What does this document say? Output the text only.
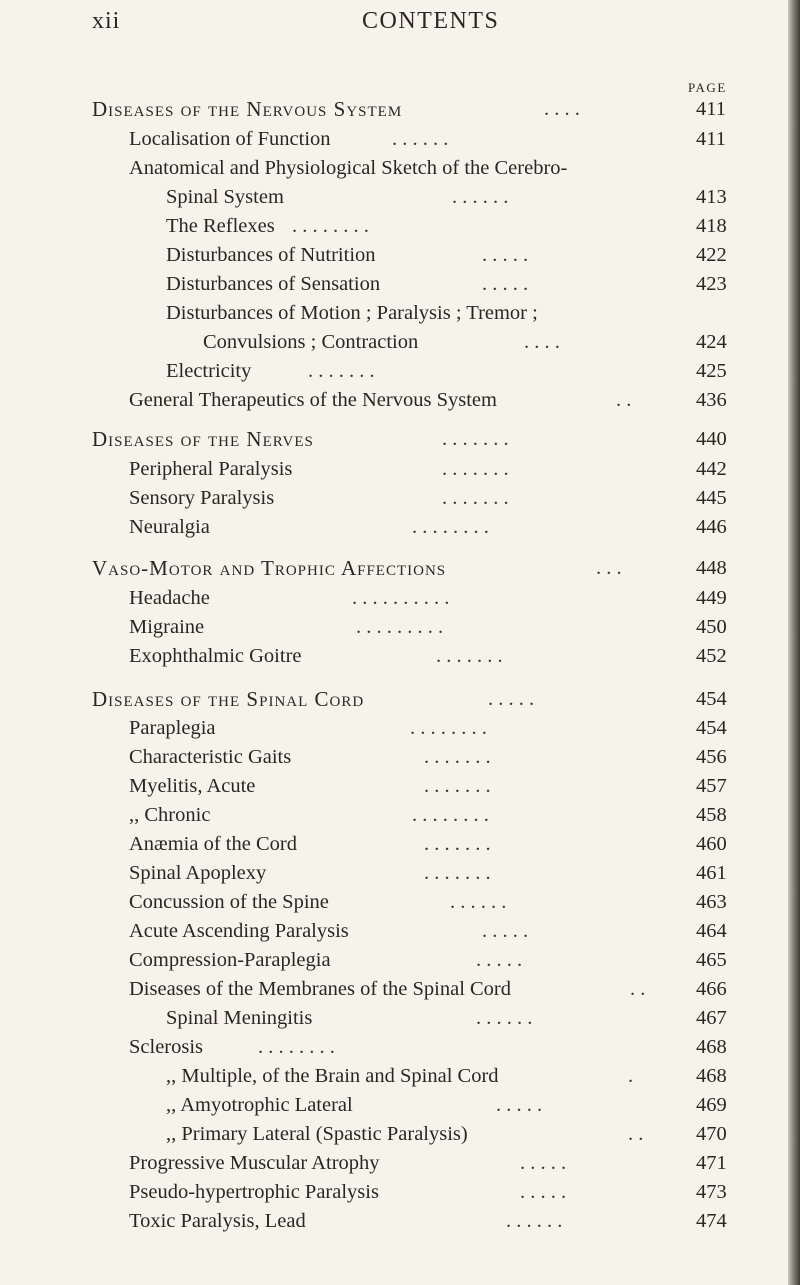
xii	CONTENTS
PAGE
Diseases of the Nervous System	. . . .	411
Localisation of Function	. . . . . .	411
Anatomical and Physiological Sketch of the Cerebro-
Spinal System	. . . . . .	413
The Reflexes . . . . . . . .	418
Disturbances of Nutrition	. . . . .	422
Disturbances of Sensation	. . . . .	423
Disturbances of Motion ; Paralysis ; Tremor ;
Convulsions ; Contraction	. . . .	424
Electricity	. . . . . . .	425
General Therapeutics of the Nervous System	. .	436
Diseases of the Nerves	. . . . . . .	440
Peripheral Paralysis	. . . . . . .	442
Sensory Paralysis	. . . . . . .	445
Neuralgia	. . . . . . . .	446
Vaso-Motor and Trophic Affections	. . .	448
Headache	. . . . . . . . . .	449
Migraine	. . . . . . . . .	450
Exophthalmic Goitre	. . . . . . .	452
Diseases of the Spinal Cord	. . . . .	454
Paraplegia	. . . . . . . .	454
Characteristic Gaits	. . . . . . .	456
Myelitis, Acute	. . . . . . .	457
,, Chronic	. . . . . . . .	458
Anæmia of the Cord	. . . . . . .	460
Spinal Apoplexy	. . . . . . .	461
Concussion of the Spine	. . . . . .	463
Acute Ascending Paralysis	. . . . .	464
Compression-Paraplegia	. . . . .	465
Diseases of the Membranes of the Spinal Cord	. . 466
Spinal Meningitis	. . . . . .	467
Sclerosis	. . . . . . . .	468
,, Multiple, of the Brain and Spinal Cord	.	468
,, Amyotrophic Lateral	. . . . .	469
,, Primary Lateral (Spastic Paralysis)	. .	470
Progressive Muscular Atrophy	. . . . .	471
Pseudo-hypertrophic Paralysis	. . . . .	473
Toxic Paralysis, Lead	. . . . . .	474
